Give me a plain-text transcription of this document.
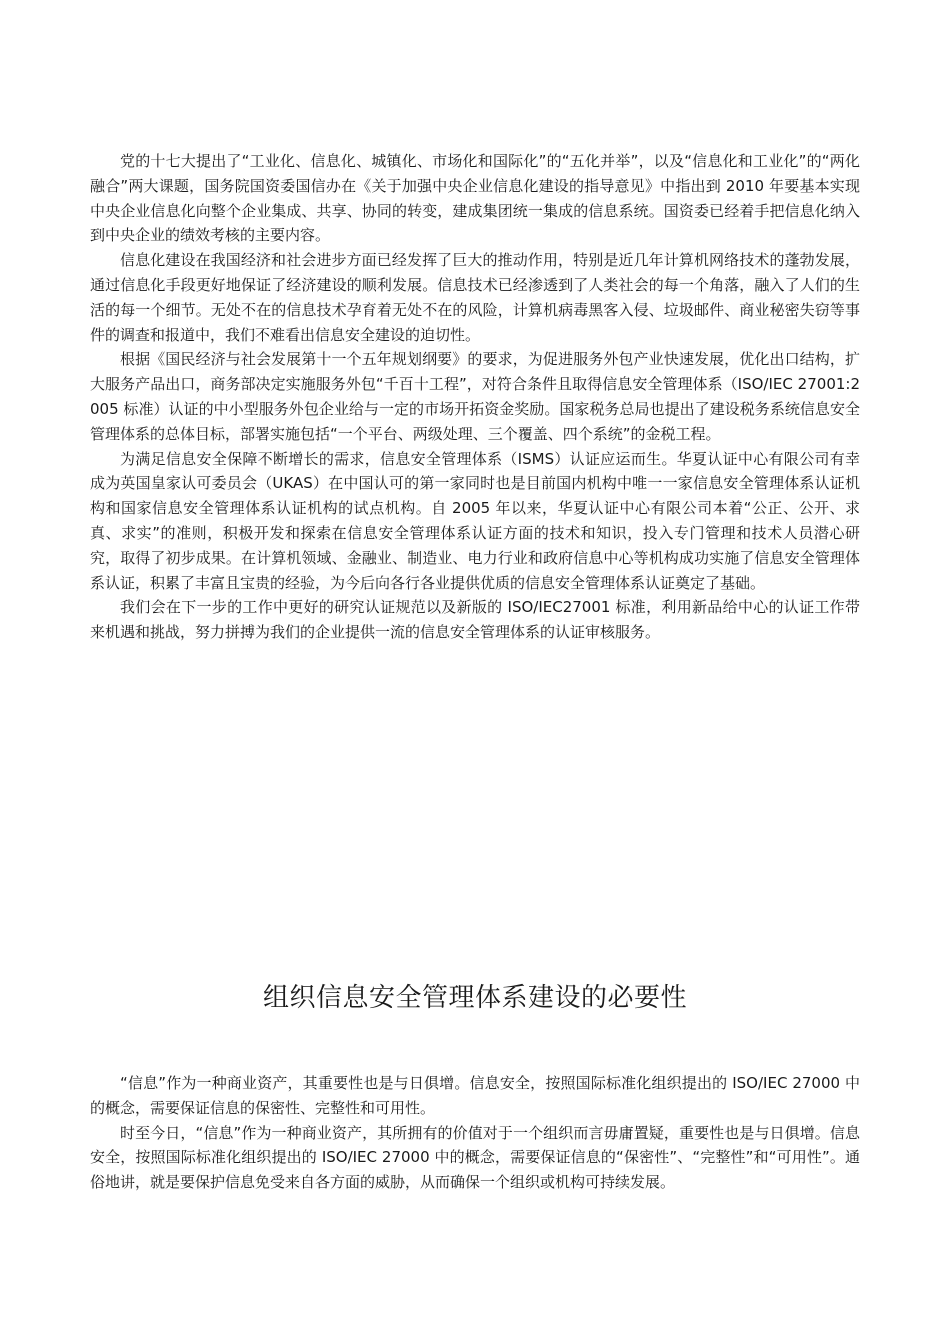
党的十七大提出了“工业化、信息化、城镇化、市场化和国际化”的“五化并举”，以及“信息化和工业化”的“两化融合”两大课题，国务院国资委国信办在《关于加强中央企业信息化建设的指导意见》中指出到 2010 年要基本实现中央企业信息化向整个企业集成、共享、协同的转变，建成集团统一集成的信息系统。国资委已经着手把信息化纳入到中央企业的绩效考核的主要内容。

信息化建设在我国经济和社会进步方面已经发挥了巨大的推动作用，特别是近几年计算机网络技术的蓬勃发展，通过信息化手段更好地保证了经济建设的顺利发展。信息技术已经渗透到了人类社会的每一个角落，融入了人们的生活的每一个细节。无处不在的信息技术孕育着无处不在的风险，计算机病毒黑客入侵、垃圾邮件、商业秘密失窃等事件的调查和报道中，我们不难看出信息安全建设的迫切性。

根据《国民经济与社会发展第十一个五年规划纲要》的要求，为促进服务外包产业快速发展，优化出口结构，扩大服务产品出口，商务部决定实施服务外包“千百十工程”，对符合条件且取得信息安全管理体系（ISO/IEC 27001:2005 标准）认证的中小型服务外包企业给与一定的市场开拓资金奖励。国家税务总局也提出了建设税务系统信息安全管理体系的总体目标，部署实施包括“一个平台、两级处理、三个覆盖、四个系统”的金税工程。

为满足信息安全保障不断增长的需求，信息安全管理体系（ISMS）认证应运而生。华夏认证中心有限公司有幸成为英国皇家认可委员会（UKAS）在中国认可的第一家同时也是目前国内机构中唯一一家信息安全管理体系认证机构和国家信息安全管理体系认证机构的试点机构。自 2005 年以来，华夏认证中心有限公司本着“公正、公开、求真、求实”的准则，积极开发和探索在信息安全管理体系认证方面的技术和知识，投入专门管理和技术人员潜心研究，取得了初步成果。在计算机领域、金融业、制造业、电力行业和政府信息中心等机构成功实施了信息安全管理体系认证，积累了丰富且宝贵的经验，为今后向各行各业提供优质的信息安全管理体系认证奠定了基础。

我们会在下一步的工作中更好的研究认证规范以及新版的 ISO/IEC27001 标准，利用新品给中心的认证工作带来机遇和挑战，努力拼搏为我们的企业提供一流的信息安全管理体系的认证审核服务。

组织信息安全管理体系建设的必要性

“信息”作为一种商业资产，其重要性也是与日俱增。信息安全，按照国际标准化组织提出的 ISO/IEC 27000 中的概念，需要保证信息的保密性、完整性和可用性。

时至今日，“信息”作为一种商业资产，其所拥有的价值对于一个组织而言毋庸置疑，重要性也是与日俱增。信息安全，按照国际标准化组织提出的 ISO/IEC 27000 中的概念，需要保证信息的“保密性”、“完整性”和“可用性”。通俗地讲，就是要保护信息免受来自各方面的威胁，从而确保一个组织或机构可持续发展。
